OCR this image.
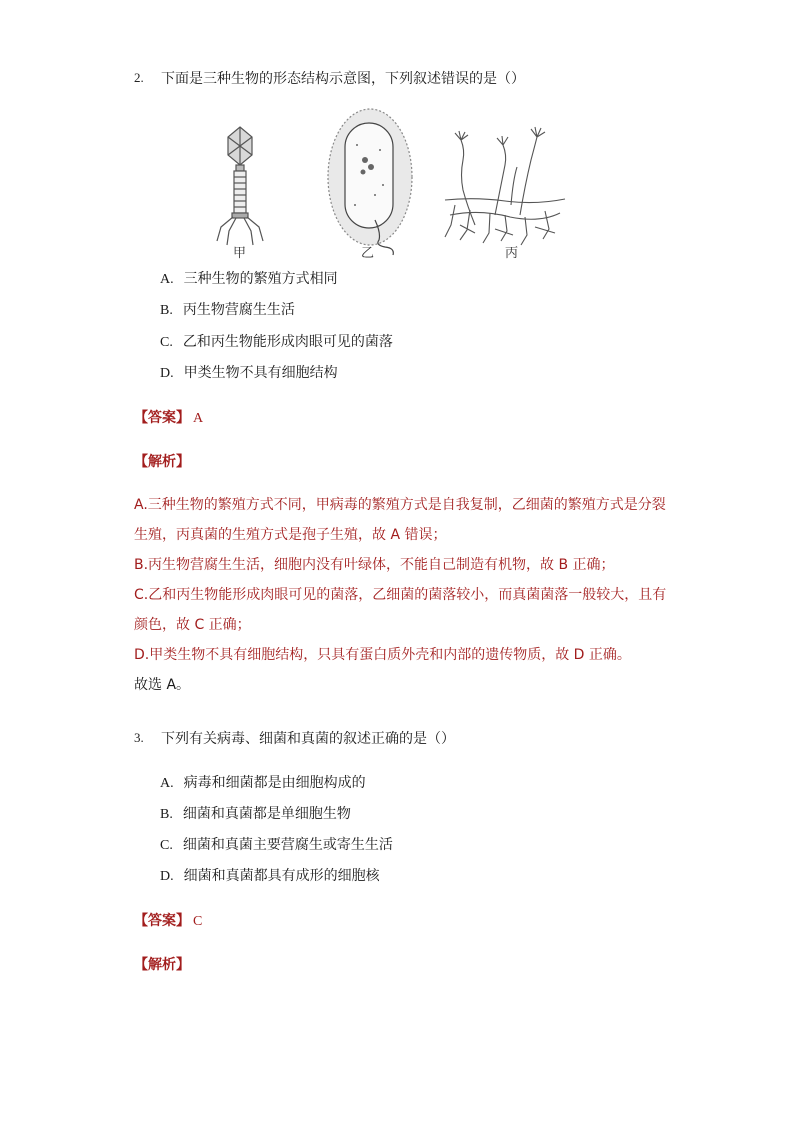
2. 下面是三种生物的形态结构示意图，下列叙述错误的是（）
甲	乙	丙
A. 三种生物的繁殖方式相同
B. 丙生物营腐生生活
C. 乙和丙生物能形成肉眼可见的菌落
D. 甲类生物不具有细胞结构
【答案】 A
【解析】
A.三种生物的繁殖方式不同，甲病毒的繁殖方式是自我复制，乙细菌的繁殖方式是分裂
生殖，丙真菌的生殖方式是孢子生殖，故 A 错误；
B.丙生物营腐生生活，细胞内没有叶绿体，不能自己制造有机物，故 B 正确；
C.乙和丙生物能形成肉眼可见的菌落，乙细菌的菌落较小，而真菌菌落一般较大，且有
颜色，故 C 正确；
D.甲类生物不具有细胞结构，只具有蛋白质外壳和内部的遗传物质，故 D 正确。
故选 A。
3. 下列有关病毒、细菌和真菌的叙述正确的是（）
A. 病毒和细菌都是由细胞构成的
B. 细菌和真菌都是单细胞生物
C. 细菌和真菌主要营腐生或寄生生活
D. 细菌和真菌都具有成形的细胞核
【答案】 C
【解析】
